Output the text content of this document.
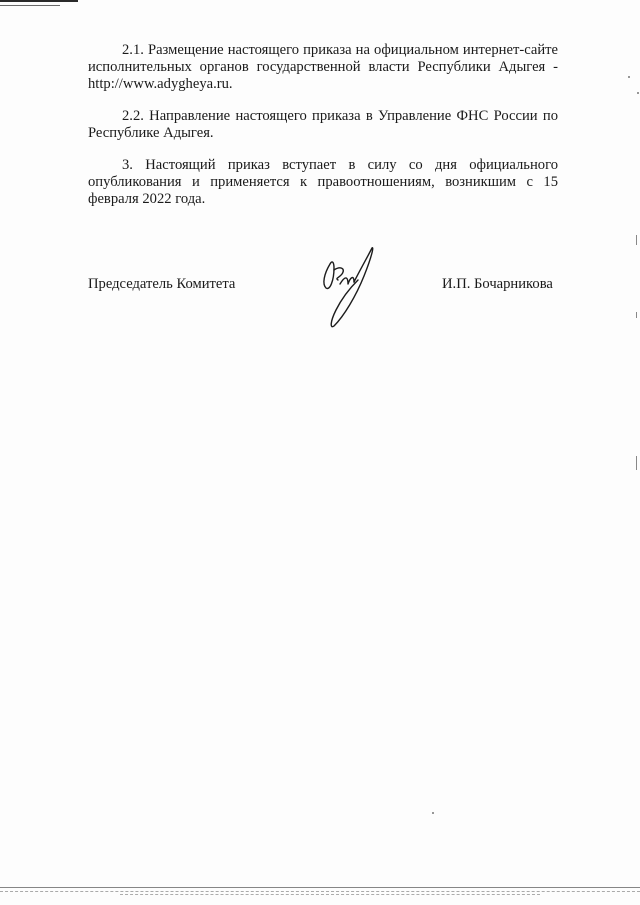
2.1. Размещение настоящего приказа на официальном интернет-сайте исполнительных органов государственной власти Республики Адыгея - http://www.adygheya.ru.

2.2. Направление настоящего приказа в Управление ФНС России по Республике Адыгея.

3. Настоящий приказ вступает в силу со дня официального опубликования и применяется к правоотношениям, возникшим с 15 февраля 2022 года.

Председатель Комитета	И.П. Бочарникова
